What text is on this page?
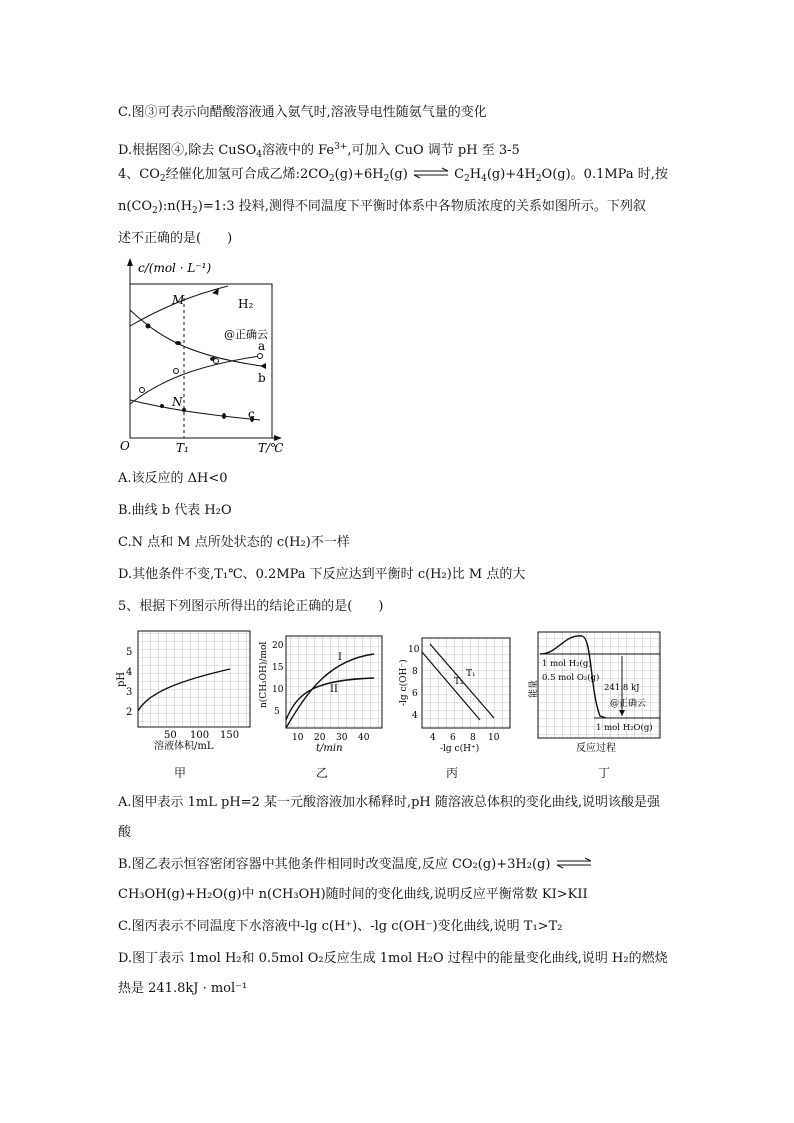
C.图③可表示向醋酸溶液通入氨气时,溶液导电性随氨气量的变化
D.根据图④,除去 CuSO$_4$溶液中的 $Fe^{3+}$,可加入 CuO 调节 pH 至 3-5
4、$CO_2$经催化加氢可合成乙烯$:2CO_2(g)+6H_2(g)$ ⇌ $C_2H_4(g)+4H_2O(g)$。0.1MPa 时,按
$n(CO_2):n(H_2)=1:3$ 投料,测得不同温度下平衡时体系中各物质浓度的关系如图所示。下列叙
述不正确的是(　　)
c/(mol · L⁻¹)
O	T₁	T/℃
H₂
M
N
a
b
c
@正确云
A.该反应的 ΔH<0
B.曲线 b 代表 H₂O
C.N 点和 M 点所处状态的 c(H₂)不一样
D.其他条件不变,T₁℃、0.2MPa 下反应达到平衡时 c(H₂)比 M 点的大
5、根据下列图示所得出的结论正确的是(　　)
2
3
4
5
50 100 150
pH
溶液体积/mL
I
II
5
10
15
20
10 20 30 40
n(CH₃OH)/mol
t/min
T₁
T₂
10
8
6
4
4 6 8 10
-lg c(OH⁻)
-lg c(H⁺)
1 mol H₂(g)
0.5 mol O₂(g)
241.8 kJ
1 mol H₂O(g)
@正确云
能量
反应过程
甲	乙	丙	丁
A.图甲表示 1mL pH=2 某一元酸溶液加水稀释时,pH 随溶液总体积的变化曲线,说明该酸是强
酸
B.图乙表示恒容密闭容器中其他条件相同时改变温度,反应 CO₂(g)+3H₂(g) ⇌
CH₃OH(g)+H₂O(g)中 n(CH₃OH)随时间的变化曲线,说明反应平衡常数 KI>KII
C.图丙表示不同温度下水溶液中-lg c(H⁺)、-lg c(OH⁻)变化曲线,说明 T₁>T₂
D.图丁表示 1mol H₂和 0.5mol O₂反应生成 1mol H₂O 过程中的能量变化曲线,说明 H₂的燃烧
热是 241.8kJ · mol⁻¹
